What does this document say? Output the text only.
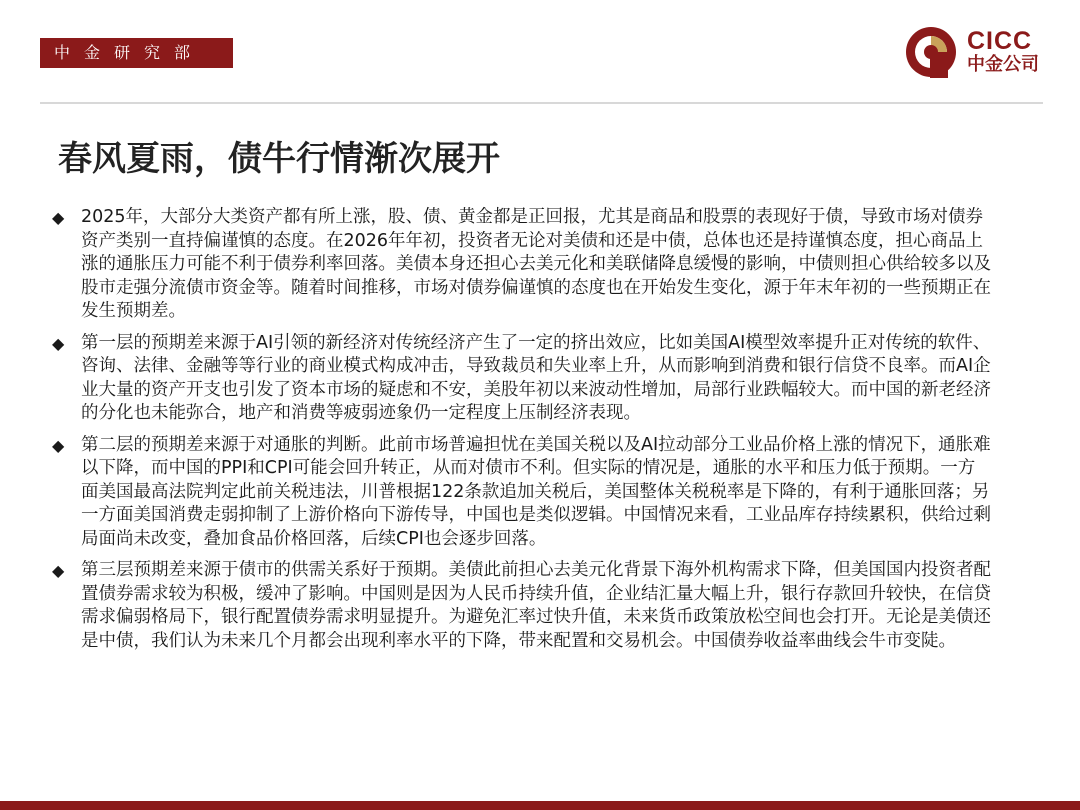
中金研究部	CICC
中金公司
春风夏雨，债牛行情渐次展开
◆ 2025年，大部分大类资产都有所上涨，股、债、黄金都是正回报，尤其是商品和股票的表现好于债，导致市场对债券资产类别一直持偏谨慎的态度。在2026年年初，投资者无论对美债和还是中债，总体也还是持谨慎态度，担心商品上涨的通胀压力可能不利于债券利率回落。美债本身还担心去美元化和美联储降息缓慢的影响，中债则担心供给较多以及股市走强分流债市资金等。随着时间推移，市场对债券偏谨慎的态度也在开始发生变化，源于年末年初的一些预期正在发生预期差。
◆ 第一层的预期差来源于AI引领的新经济对传统经济产生了一定的挤出效应，比如美国AI模型效率提升正对传统的软件、咨询、法律、金融等等行业的商业模式构成冲击，导致裁员和失业率上升，从而影响到消费和银行信贷不良率。而AI企业大量的资产开支也引发了资本市场的疑虑和不安，美股年初以来波动性增加，局部行业跌幅较大。而中国的新老经济的分化也未能弥合，地产和消费等疲弱迹象仍一定程度上压制经济表现。
◆ 第二层的预期差来源于对通胀的判断。此前市场普遍担忧在美国关税以及AI拉动部分工业品价格上涨的情况下，通胀难以下降，而中国的PPI和CPI可能会回升转正，从而对债市不利。但实际的情况是，通胀的水平和压力低于预期。一方面美国最高法院判定此前关税违法，川普根据122条款追加关税后，美国整体关税税率是下降的，有利于通胀回落；另一方面美国消费走弱抑制了上游价格向下游传导，中国也是类似逻辑。中国情况来看，工业品库存持续累积，供给过剩局面尚未改变，叠加食品价格回落，后续CPI也会逐步回落。
◆ 第三层预期差来源于债市的供需关系好于预期。美债此前担心去美元化背景下海外机构需求下降，但美国国内投资者配置债券需求较为积极，缓冲了影响。中国则是因为人民币持续升值，企业结汇量大幅上升，银行存款回升较快，在信贷需求偏弱格局下，银行配置债券需求明显提升。为避免汇率过快升值，未来货币政策放松空间也会打开。无论是美债还是中债，我们认为未来几个月都会出现利率水平的下降，带来配置和交易机会。中国债券收益率曲线会牛市变陡。
